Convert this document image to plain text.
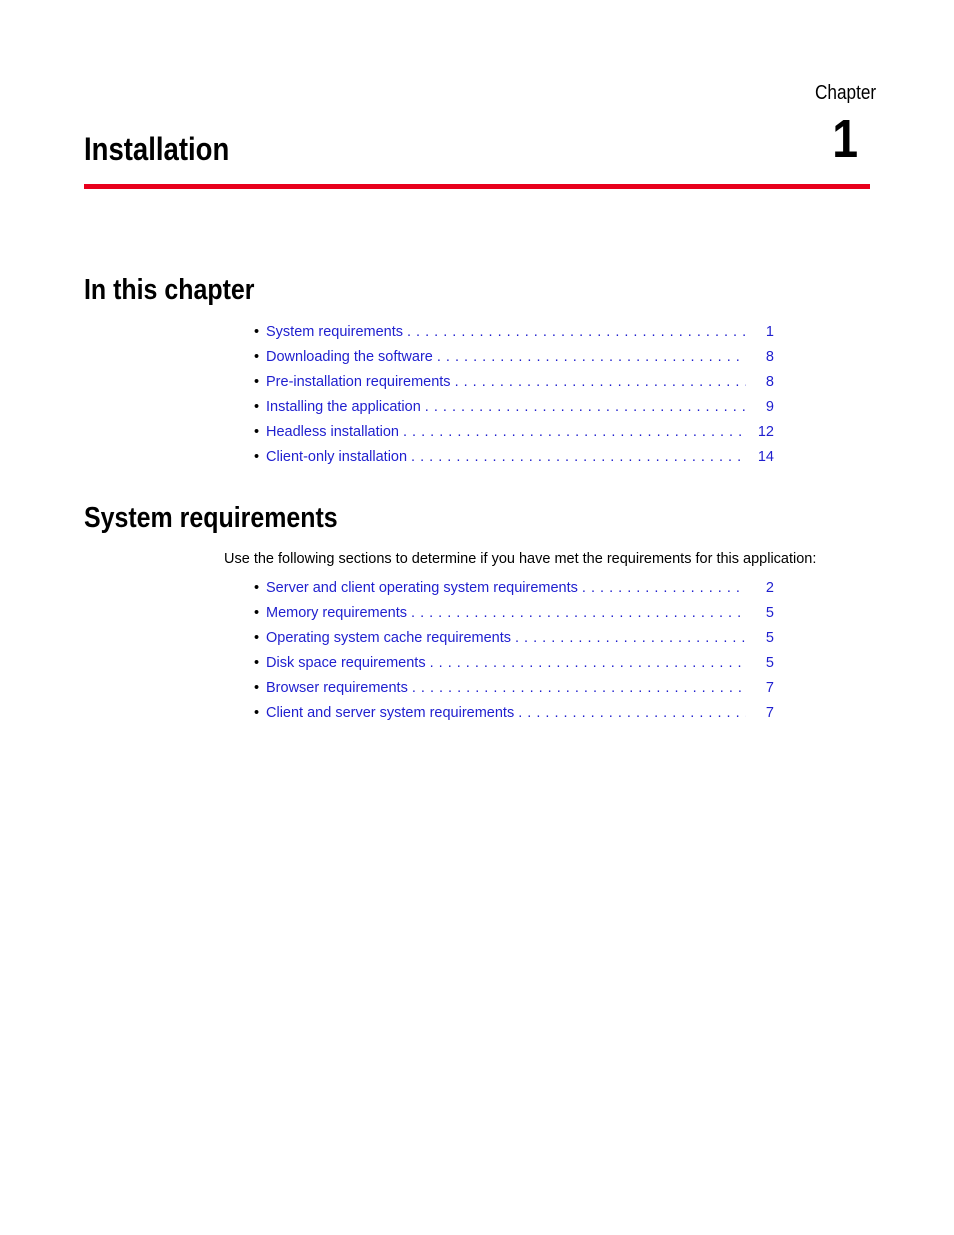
Chapter
1
Installation
In this chapter
• System requirements . . .	1
• Downloading the software . . .	8
• Pre-installation requirements . . .	8
• Installing the application . . .	9
• Headless installation . . .	12
• Client-only installation . . .	14
System requirements

Use the following sections to determine if you have met the requirements for this application:

• Server and client operating system requirements . . .	2
• Memory requirements . . .	5
• Operating system cache requirements . . .	5
• Disk space requirements . . .	5
• Browser requirements . . .	7
• Client and server system requirements . . .	7
